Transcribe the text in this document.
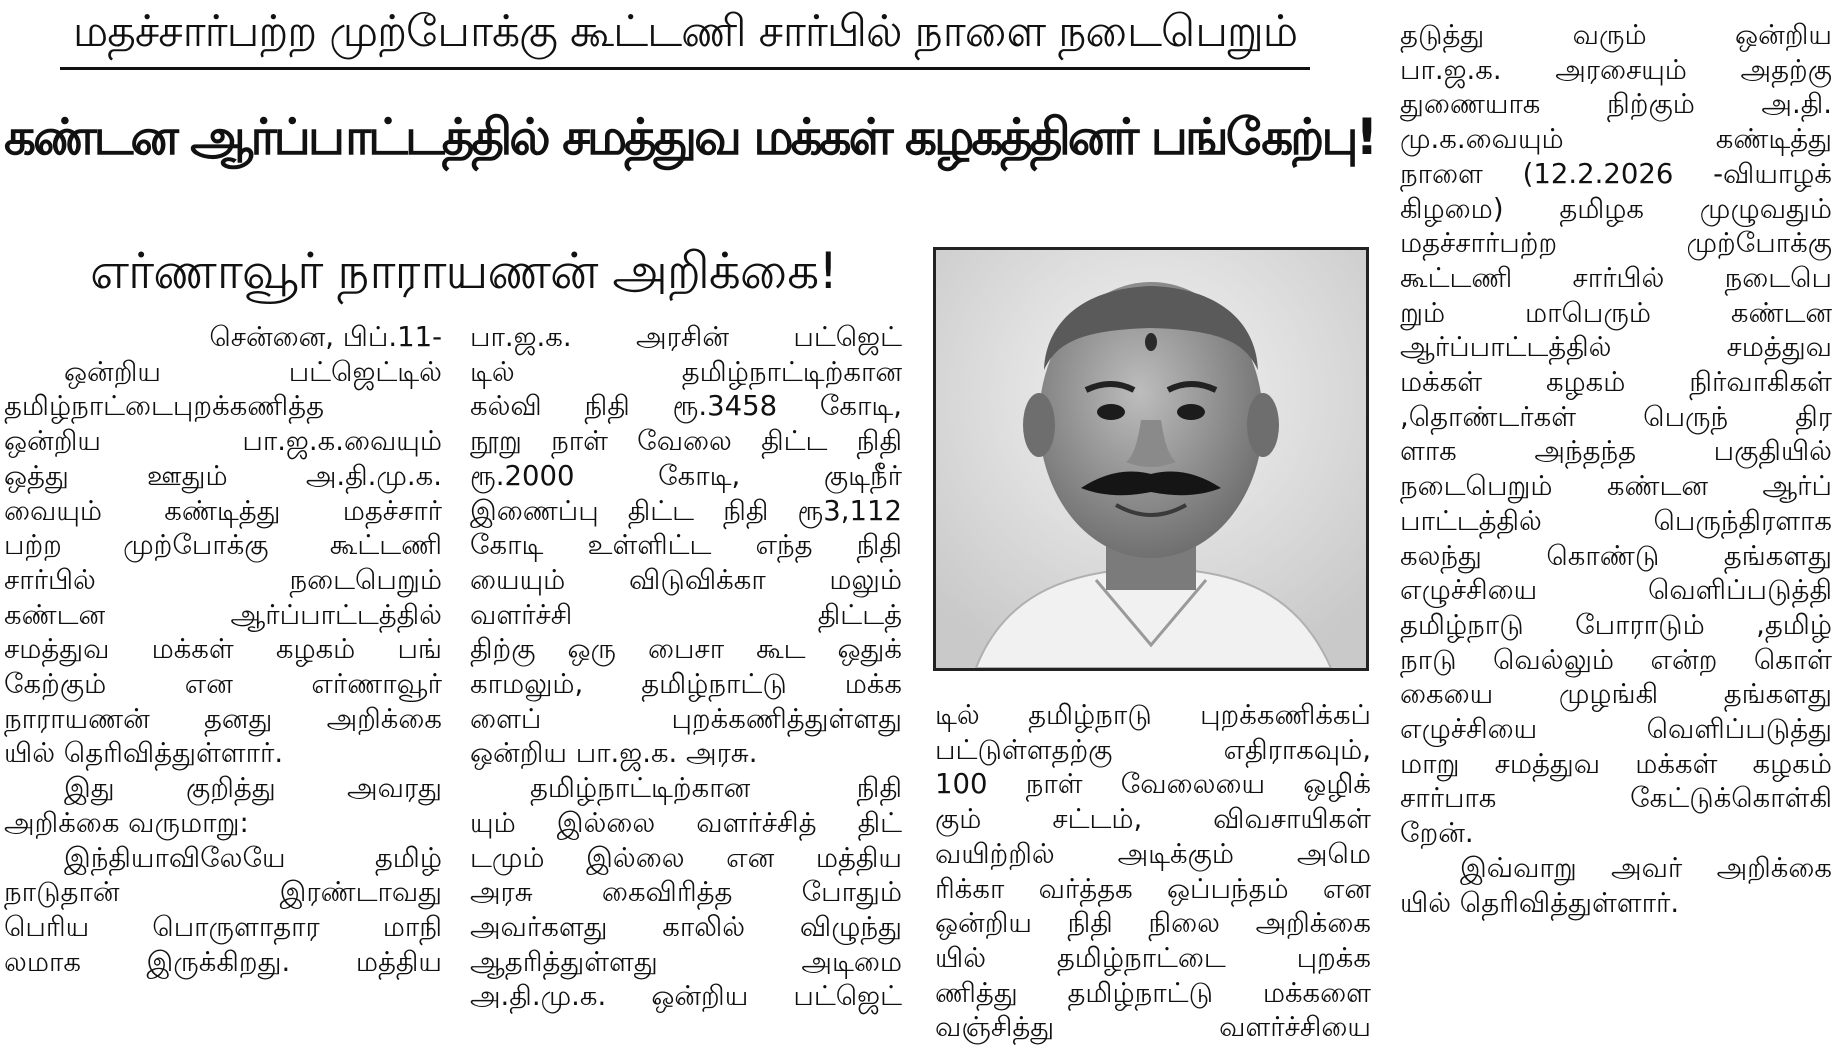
மதச்சார்பற்ற முற்போக்கு கூட்டணி சார்பில் நாளை நடைபெறும்
கண்டன ஆர்ப்பாட்டத்தில் சமத்துவ மக்கள் கழகத்தினர் பங்கேற்பு!
எர்ணாவூர் நாராயணன் அறிக்கை!

சென்னை, பிப்.11-
ஒன்றிய பட்ஜெட்டில்
தமிழ்நாட்டைபுறக்கணித்த
ஒன்றிய பா.ஜ.க.வையும்
ஒத்து ஊதும் அ.தி.மு.க.
வையும் கண்டித்து மதச்சார்
பற்ற முற்போக்கு கூட்டணி
சார்பில் நடைபெறும்
கண்டன ஆர்ப்பாட்டத்தில்
சமத்துவ மக்கள் கழகம் பங்
கேற்கும் என எர்ணாவூர்
நாராயணன் தனது அறிக்கை
யில் தெரிவித்துள்ளார்.
இது குறித்து அவரது
அறிக்கை வருமாறு:
இந்தியாவிலேயே தமிழ்
நாடுதான் இரண்டாவது
பெரிய பொருளாதார மாநி
லமாக இருக்கிறது. மத்திய

பா.ஜ.க. அரசின் பட்ஜெட்
டில் தமிழ்நாட்டிற்கான
கல்வி நிதி ரூ.3458 கோடி,
நூறு நாள் வேலை திட்ட நிதி
ரூ.2000 கோடி, குடிநீர்
இணைப்பு திட்ட நிதி ரூ3,112
கோடி உள்ளிட்ட எந்த நிதி
யையும் விடுவிக்கா மலும்
வளர்ச்சி திட்டத்
திற்கு ஒரு பைசா கூட ஒதுக்
காமலும், தமிழ்நாட்டு மக்க
ளைப் புறக்கணித்துள்ளது
ஒன்றிய பா.ஜ.க. அரசு.
தமிழ்நாட்டிற்கான நிதி
யும் இல்லை வளர்ச்சித் திட்
டமும் இல்லை என மத்திய
அரசு கைவிரித்த போதும்
அவர்களது காலில் விழுந்து
ஆதரித்துள்ளது அடிமை
அ.தி.மு.க. ஒன்றிய பட்ஜெட்

டில் தமிழ்நாடு புறக்கணிக்கப்
பட்டுள்ளதற்கு எதிராகவும்,
100 நாள் வேலையை ஒழிக்
கும் சட்டம், விவசாயிகள்
வயிற்றில் அடிக்கும் அமெ
ரிக்கா வர்த்தக ஒப்பந்தம் என
ஒன்றிய நிதி நிலை அறிக்கை
யில் தமிழ்நாட்டை புறக்க
ணித்து தமிழ்நாட்டு மக்களை
வஞ்சித்து வளர்ச்சியை

தடுத்து வரும் ஒன்றிய
பா.ஜ.க. அரசையும் அதற்கு
துணையாக நிற்கும் அ.தி.
மு.க.வையும் கண்டித்து
நாளை (12.2.2026 -வியாழக்
கிழமை) தமிழக முழுவதும்
மதச்சார்பற்ற முற்போக்கு
கூட்டணி சார்பில் நடைபெ
றும் மாபெரும் கண்டன
ஆர்ப்பாட்டத்தில் சமத்துவ
மக்கள் கழகம் நிர்வாகிகள்
,தொண்டர்கள் பெருந் திர
ளாக அந்தந்த பகுதியில்
நடைபெறும் கண்டன ஆர்ப்
பாட்டத்தில் பெருந்திரளாக
கலந்து கொண்டு தங்களது
எழுச்சியை வெளிப்படுத்தி
தமிழ்நாடு போராடும் ,தமிழ்
நாடு வெல்லும் என்ற கொள்
கையை முழங்கி தங்களது
எழுச்சியை வெளிப்படுத்து
மாறு சமத்துவ மக்கள் கழகம்
சார்பாக கேட்டுக்கொள்கி
றேன்.
இவ்வாறு அவர் அறிக்கை
யில் தெரிவித்துள்ளார்.
